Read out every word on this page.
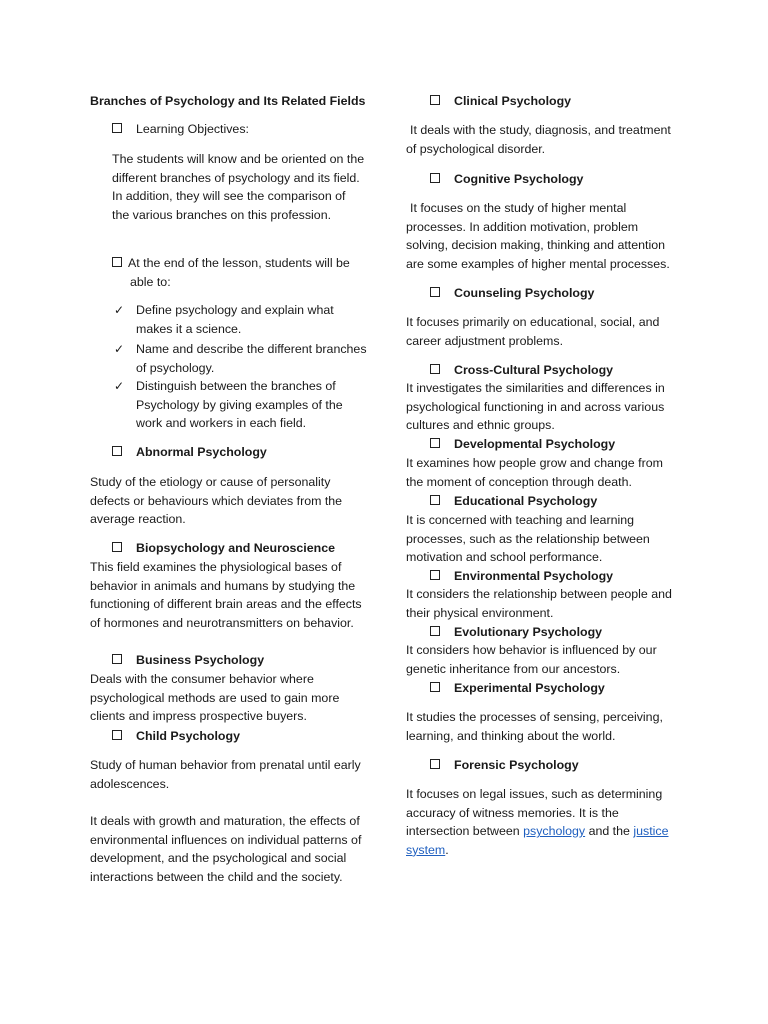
Branches of Psychology and Its Related Fields

Learning Objectives:

The students will know and be oriented on the different branches of psychology and its field. In addition, they will see the comparison of the various branches on this profession.

At the end of the lesson, students will be able to:

✓ Define psychology and explain what makes it a science.
✓ Name and describe the different branches of psychology.
✓ Distinguish between the branches of Psychology by giving examples of the work and workers in each field.
Abnormal Psychology

Study of the etiology or cause of personality defects or behaviours which deviates from the average reaction.

Biopsychology and Neuroscience

This field examines the physiological bases of behavior in animals and humans by studying the functioning of different brain areas and the effects of hormones and neurotransmitters on behavior.

Business Psychology

Deals with the consumer behavior where psychological methods are used to gain more clients and impress prospective buyers.

Child Psychology

Study of human behavior from prenatal until early adolescences.

It deals with growth and maturation, the effects of environmental influences on individual patterns of development, and the psychological and social interactions between the child and the society.

Clinical Psychology

It deals with the study, diagnosis, and treatment of psychological disorder.

Cognitive Psychology

It focuses on the study of higher mental processes. In addition motivation, problem solving, decision making, thinking and attention are some examples of higher mental processes.

Counseling Psychology

It focuses primarily on educational, social, and career adjustment problems.

Cross-Cultural Psychology

It investigates the similarities and differences in psychological functioning in and across various cultures and ethnic groups.

Developmental Psychology

It examines how people grow and change from the moment of conception through death.

Educational Psychology

It is concerned with teaching and learning processes, such as the relationship between motivation and school performance.

Environmental Psychology

It considers the relationship between people and their physical environment.

Evolutionary Psychology

It considers how behavior is influenced by our genetic inheritance from our ancestors.

Experimental Psychology

It studies the processes of sensing, perceiving, learning, and thinking about the world.

Forensic Psychology

It focuses on legal issues, such as determining accuracy of witness memories. It is the intersection between psychology and the justice system.
